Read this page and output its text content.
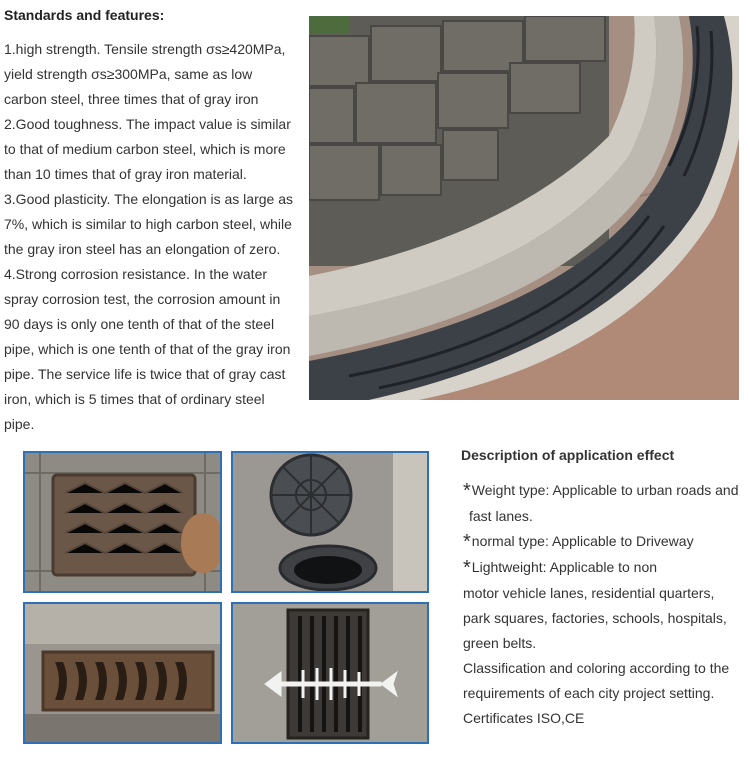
Standards and features:

1.high strength. Tensile strength σs≥420MPa, yield strength σs≥300MPa, same as low carbon steel, three times that of gray iron 2.Good toughness. The impact value is similar to that of medium carbon steel, which is more than 10 times that of gray iron material. 3.Good plasticity. The elongation is as large as 7%, which is similar to high carbon steel, while the gray iron steel has an elongation of zero. 4.Strong corrosion resistance. In the water spray corrosion test, the corrosion amount in 90 days is only one tenth of that of the steel pipe, which is one tenth of that of the gray iron pipe. The service life is twice that of gray cast iron, which is 5 times that of ordinary steel pipe.

Description of application effect
*Weight type: Applicable to urban roads and
fast lanes.
*normal type: Applicable to Driveway
*Lightweight: Applicable to non
motor vehicle lanes, residential quarters,
park squares, factories, schools, hospitals,
green belts.
Classification and coloring according to the
requirements of each city project setting.
Certificates ISO,CE
